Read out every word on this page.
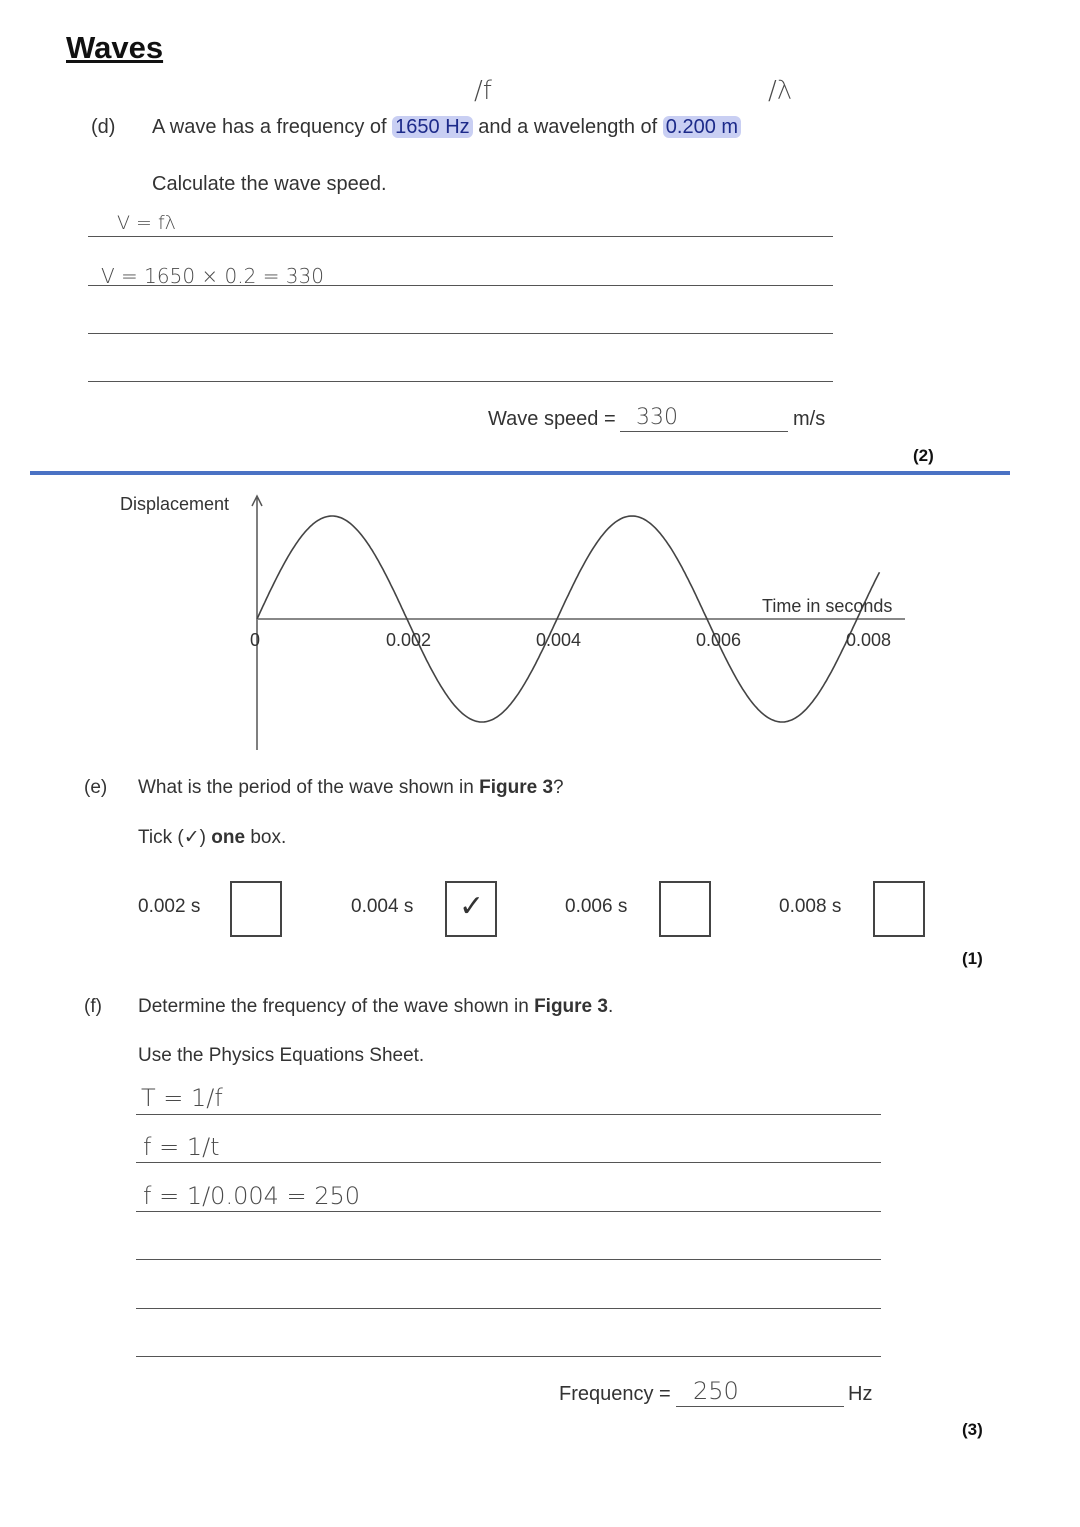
Waves
(d)
/f	/λ
A wave has a frequency of 1650 Hz and a wavelength of 0.200 m
Calculate the wave speed.
V = fλ
V = 1650 × 0.2 = 330
Wave speed = 330	m/s
(2)
Displacement
Time in seconds
0	0.002	0.004	0.006	0.008
(e) What is the period of the wave shown in Figure 3?
Tick (✓) one box.
0.002 s	0.004 s ✓	0.006 s	0.008 s
(1)
(f) Determine the frequency of the wave shown in Figure 3.
Use the Physics Equations Sheet.
T = 1/f
f = 1/t
f = 1/0.004 = 250
Frequency = 250	Hz
(3)
